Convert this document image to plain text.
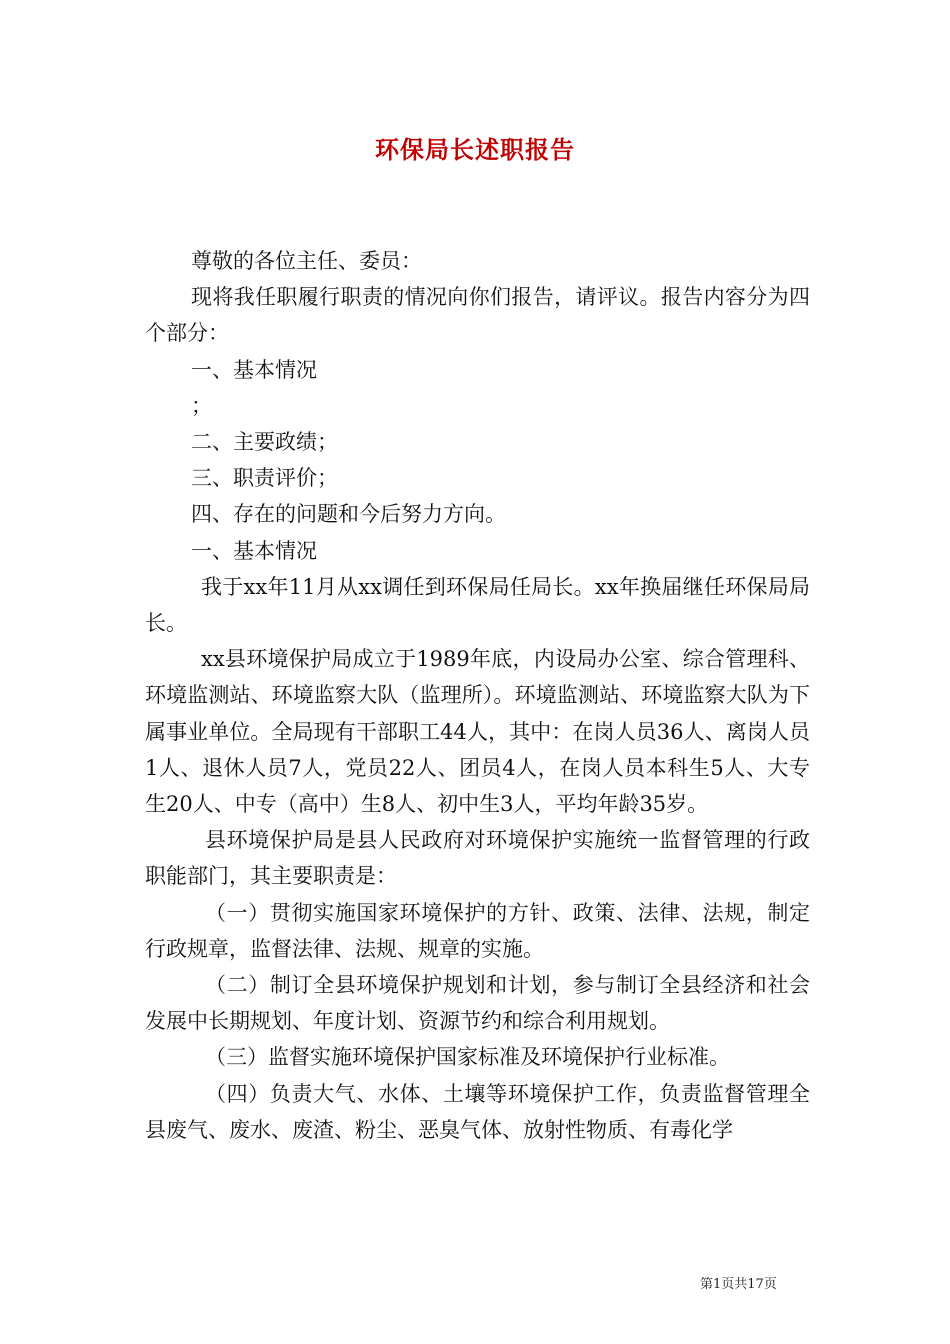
环保局长述职报告

尊敬的各位主任、委员：

现将我任职履行职责的情况向你们报告，请评议。报告内容分为四个部分：

一、基本情况

；

二、主要政绩；

三、职责评价；

四、存在的问题和今后努力方向。

一、基本情况

我于xx年11月从xx调任到环保局任局长。xx年换届继任环保局局长。

xx县环境保护局成立于1989年底，内设局办公室、综合管理科、环境监测站、环境监察大队（监理所）。环境监测站、环境监察大队为下属事业单位。全局现有干部职工44人，其中：在岗人员36人、离岗人员1人、退休人员7人，党员22人、团员4人，在岗人员本科生5人、大专生20人、中专（高中）生8人、初中生3人，平均年龄35岁。

县环境保护局是县人民政府对环境保护实施统一监督管理的行政职能部门，其主要职责是：

（一）贯彻实施国家环境保护的方针、政策、法律、法规，制定行政规章，监督法律、法规、规章的实施。

（二）制订全县环境保护规划和计划，参与制订全县经济和社会发展中长期规划、年度计划、资源节约和综合利用规划。

（三）监督实施环境保护国家标准及环境保护行业标准。

（四）负责大气、水体、土壤等环境保护工作，负责监督管理全县废气、废水、废渣、粉尘、恶臭气体、放射性物质、有毒化学

第1页共17页
